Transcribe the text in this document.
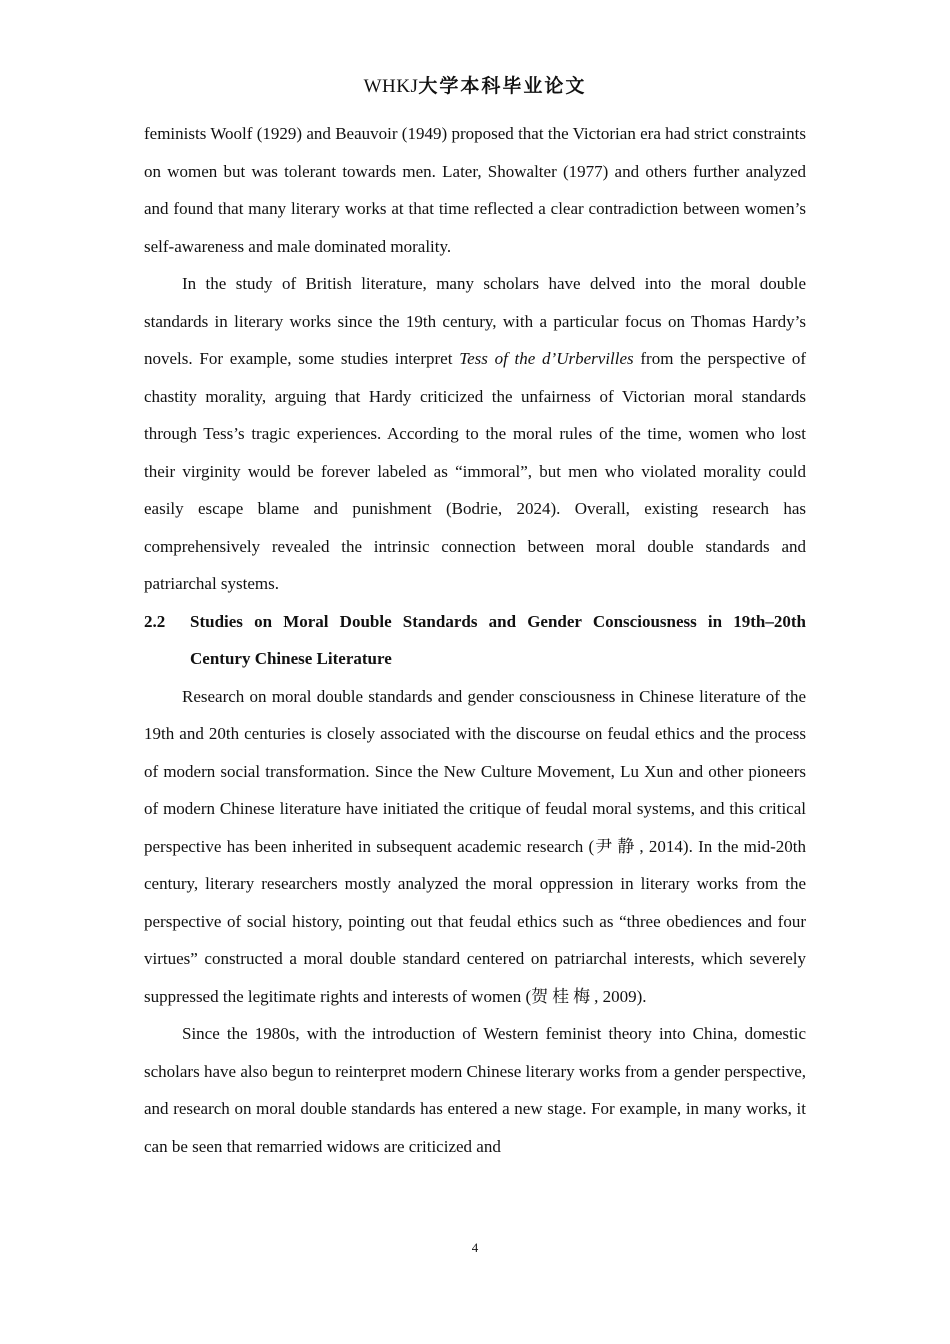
WHKJ大学本科毕业论文

feminists Woolf (1929) and Beauvoir (1949) proposed that the Victorian era had strict constraints on women but was tolerant towards men. Later, Showalter (1977) and others further analyzed and found that many literary works at that time reflected a clear contradiction between women’s self-awareness and male dominated morality.

In the study of British literature, many scholars have delved into the moral double standards in literary works since the 19th century, with a particular focus on Thomas Hardy’s novels. For example, some studies interpret Tess of the d’Urbervilles from the perspective of chastity morality, arguing that Hardy criticized the unfairness of Victorian moral standards through Tess’s tragic experiences. According to the moral rules of the time, women who lost their virginity would be forever labeled as “immoral”, but men who violated morality could easily escape blame and punishment (Bodrie, 2024). Overall, existing research has comprehensively revealed the intrinsic connection between moral double standards and patriarchal systems.

2.2	Studies on Moral Double Standards and Gender Consciousness in 19th–20th Century Chinese Literature

Research on moral double standards and gender consciousness in Chinese literature of the 19th and 20th centuries is closely associated with the discourse on feudal ethics and the process of modern social transformation. Since the New Culture Movement, Lu Xun and other pioneers of modern Chinese literature have initiated the critique of feudal moral systems, and this critical perspective has been inherited in subsequent academic research (尹静, 2014). In the mid-20th century, literary researchers mostly analyzed the moral oppression in literary works from the perspective of social history, pointing out that feudal ethics such as “three obediences and four virtues” constructed a moral double standard centered on patriarchal interests, which severely suppressed the legitimate rights and interests of women (贺桂梅, 2009).

Since the 1980s, with the introduction of Western feminist theory into China, domestic scholars have also begun to reinterpret modern Chinese literary works from a gender perspective, and research on moral double standards has entered a new stage. For example, in many works, it can be seen that remarried widows are criticized and

4
